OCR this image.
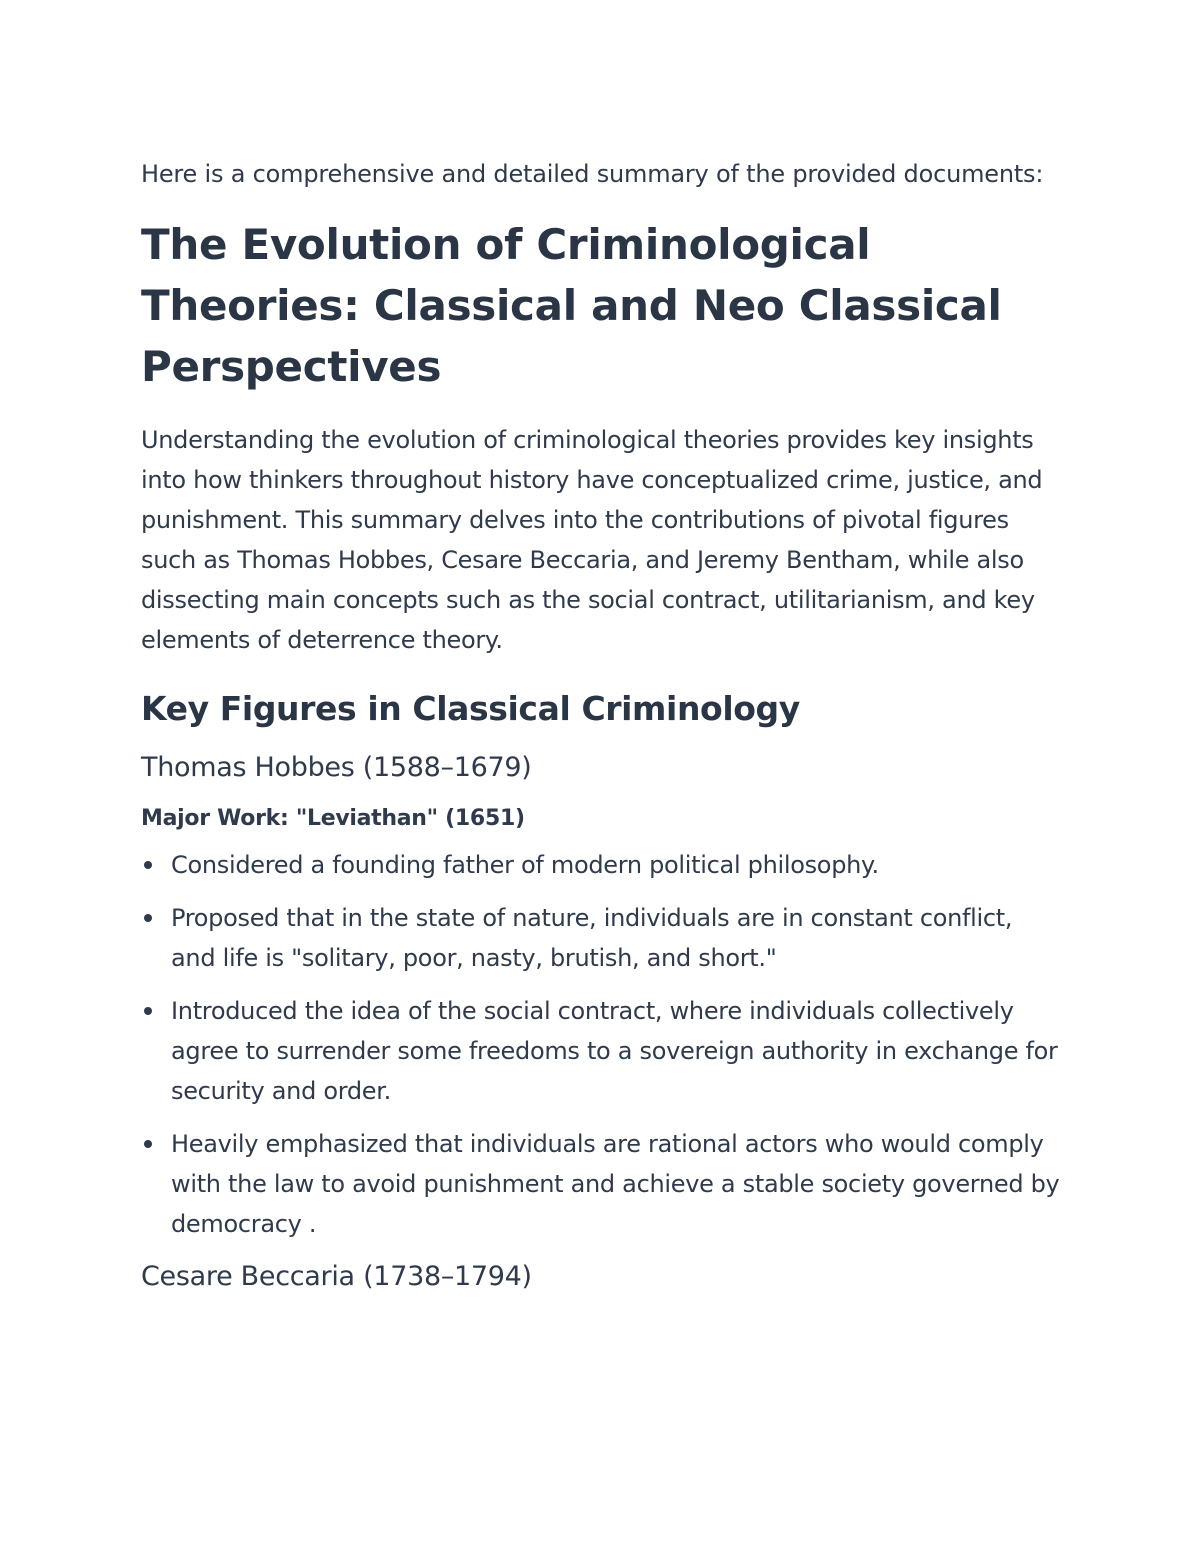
Here is a comprehensive and detailed summary of the provided documents:

The Evolution of Criminological Theories: Classical and Neo Classical Perspectives

Understanding the evolution of criminological theories provides key insights into how thinkers throughout history have conceptualized crime, justice, and punishment. This summary delves into the contributions of pivotal figures such as Thomas Hobbes, Cesare Beccaria, and Jeremy Bentham, while also dissecting main concepts such as the social contract, utilitarianism, and key elements of deterrence theory.

Key Figures in Classical Criminology
Thomas Hobbes (1588–1679)
Major Work: "Leviathan" (1651)
Considered a founding father of modern political philosophy.
Proposed that in the state of nature, individuals are in constant conflict, and life is "solitary, poor, nasty, brutish, and short."
Introduced the idea of the social contract, where individuals collectively agree to surrender some freedoms to a sovereign authority in exchange for security and order.
Heavily emphasized that individuals are rational actors who would comply with the law to avoid punishment and achieve a stable society governed by democracy .
Cesare Beccaria (1738–1794)
